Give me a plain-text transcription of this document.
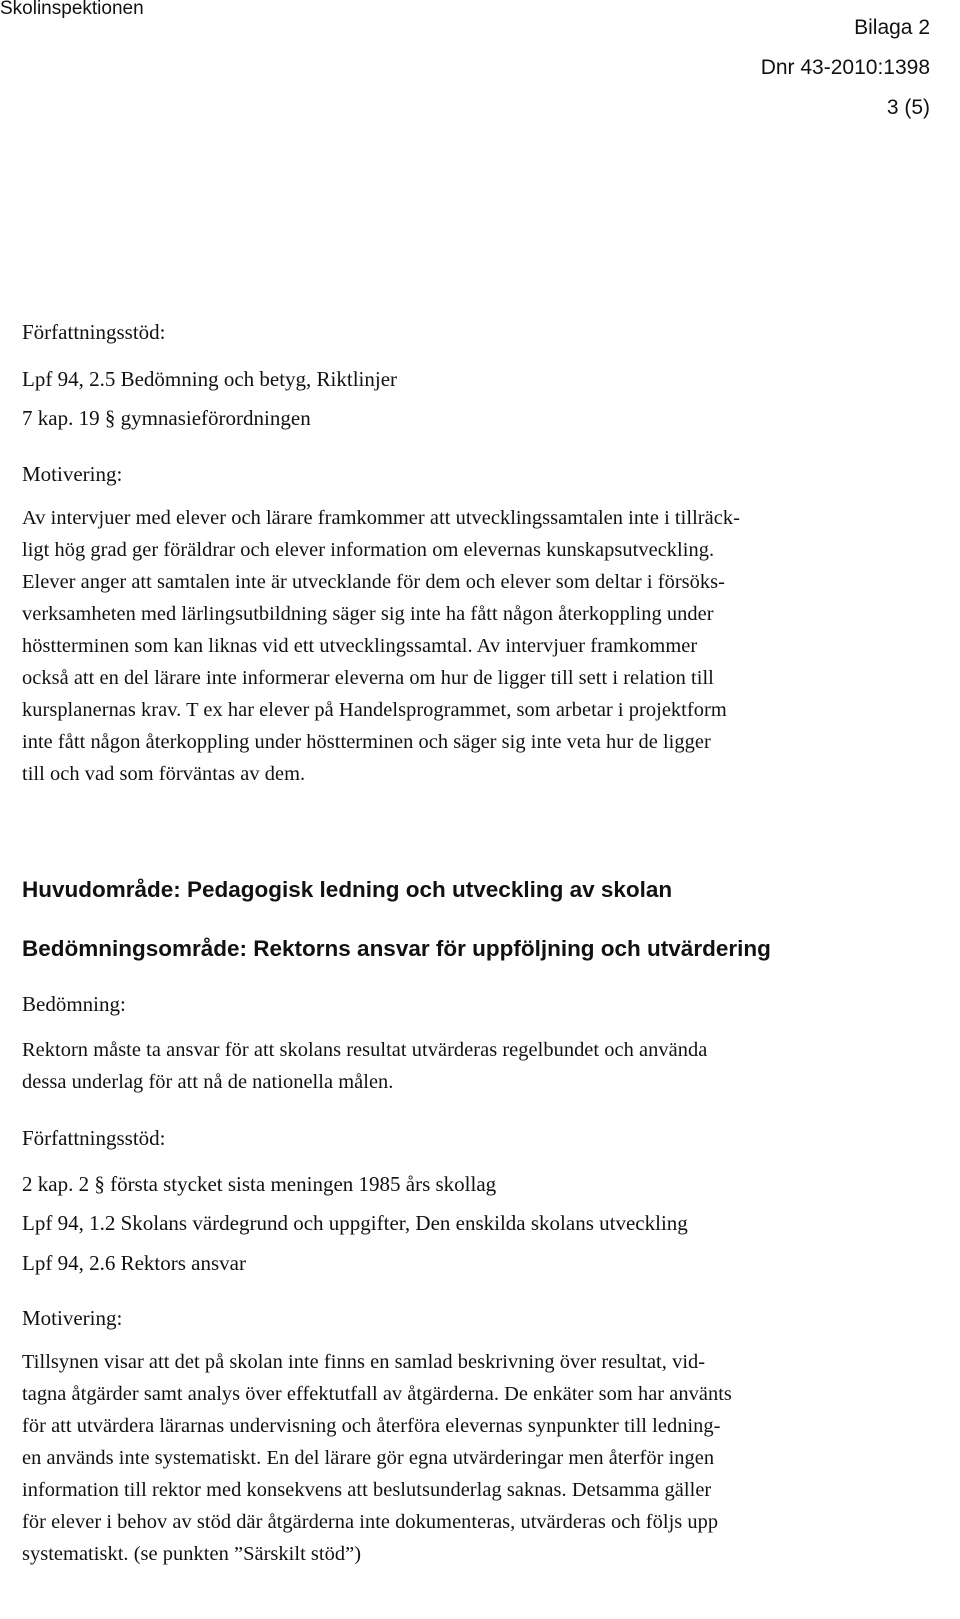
Skolinspektionen
Bilaga 2
Dnr 43-2010:1398
3 (5)
Författningsstöd:
Lpf 94, 2.5 Bedömning och betyg, Riktlinjer
7 kap. 19 § gymnasieförordningen
Motivering:
Av intervjuer med elever och lärare framkommer att utvecklingssamtalen inte i tillräck-
ligt hög grad ger föräldrar och elever information om elevernas kunskapsutveckling.
Elever anger att samtalen inte är utvecklande för dem och elever som deltar i försöks-
verksamheten med lärlingsutbildning säger sig inte ha fått någon återkoppling under
höstterminen som kan liknas vid ett utvecklingssamtal. Av intervjuer framkommer
också att en del lärare inte informerar eleverna om hur de ligger till sett i relation till
kursplanernas krav. T ex har elever på Handelsprogrammet, som arbetar i projektform
inte fått någon återkoppling under höstterminen och säger sig inte veta hur de ligger
till och vad som förväntas av dem.
Huvudområde: Pedagogisk ledning och utveckling av skolan
Bedömningsområde: Rektorns ansvar för uppföljning och utvärdering
Bedömning:
Rektorn måste ta ansvar för att skolans resultat utvärderas regelbundet och använda
dessa underlag för att nå de nationella målen.
Författningsstöd:
2 kap. 2 § första stycket sista meningen 1985 års skollag
Lpf 94, 1.2 Skolans värdegrund och uppgifter, Den enskilda skolans utveckling
Lpf 94, 2.6 Rektors ansvar
Motivering:
Tillsynen visar att det på skolan inte finns en samlad beskrivning över resultat, vid-
tagna åtgärder samt analys över effektutfall av åtgärderna. De enkäter som har använts
för att utvärdera lärarnas undervisning och återföra elevernas synpunkter till ledning-
en används inte systematiskt. En del lärare gör egna utvärderingar men återför ingen
information till rektor med konsekvens att beslutsunderlag saknas. Detsamma gäller
för elever i behov av stöd där åtgärderna inte dokumenteras, utvärderas och följs upp
systematiskt. (se punkten ”Särskilt stöd”)
